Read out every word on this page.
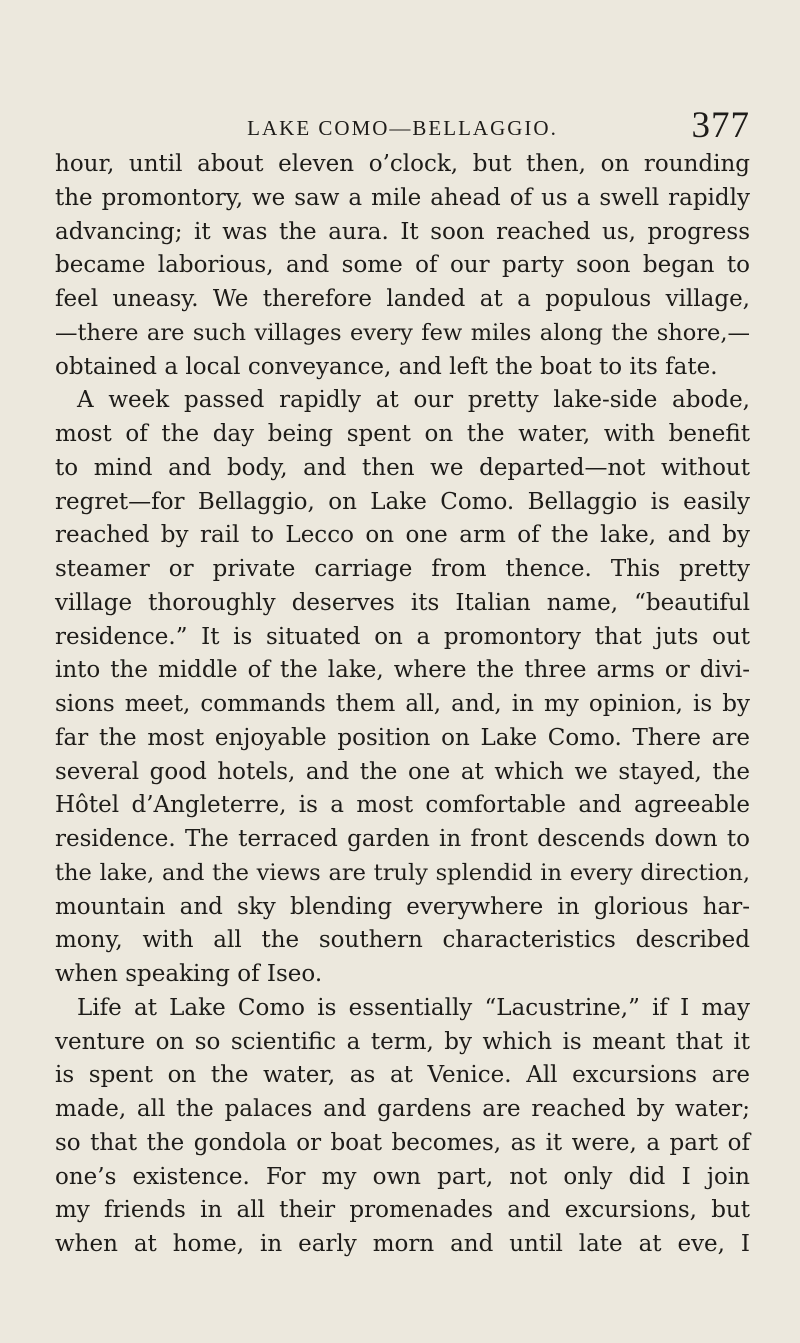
LAKE COMO—BELLAGGIO.	377
hour, until about eleven o’clock, but then, on rounding
the promontory, we saw a mile ahead of us a swell rapidly
advancing; it was the aura. It soon reached us, progress
became laborious, and some of our party soon began to
feel uneasy. We therefore landed at a populous village,
—there are such villages every few miles along the shore,—
obtained a local conveyance, and left the boat to its fate.
A week passed rapidly at our pretty lake-side abode,
most of the day being spent on the water, with benefit
to mind and body, and then we departed—not without
regret—for Bellaggio, on Lake Como. Bellaggio is easily
reached by rail to Lecco on one arm of the lake, and by
steamer or private carriage from thence. This pretty
village thoroughly deserves its Italian name, “beautiful
residence.” It is situated on a promontory that juts out
into the middle of the lake, where the three arms or divi-
sions meet, commands them all, and, in my opinion, is by
far the most enjoyable position on Lake Como. There are
several good hotels, and the one at which we stayed, the
Hôtel d’Angleterre, is a most comfortable and agreeable
residence. The terraced garden in front descends down to
the lake, and the views are truly splendid in every direction,
mountain and sky blending everywhere in glorious har-
mony, with all the southern characteristics described
when speaking of Iseo.
Life at Lake Como is essentially “Lacustrine,” if I may
venture on so scientific a term, by which is meant that it
is spent on the water, as at Venice. All excursions are
made, all the palaces and gardens are reached by water;
so that the gondola or boat becomes, as it were, a part of
one’s existence. For my own part, not only did I join
my friends in all their promenades and excursions, but
when at home, in early morn and until late at eve, I
